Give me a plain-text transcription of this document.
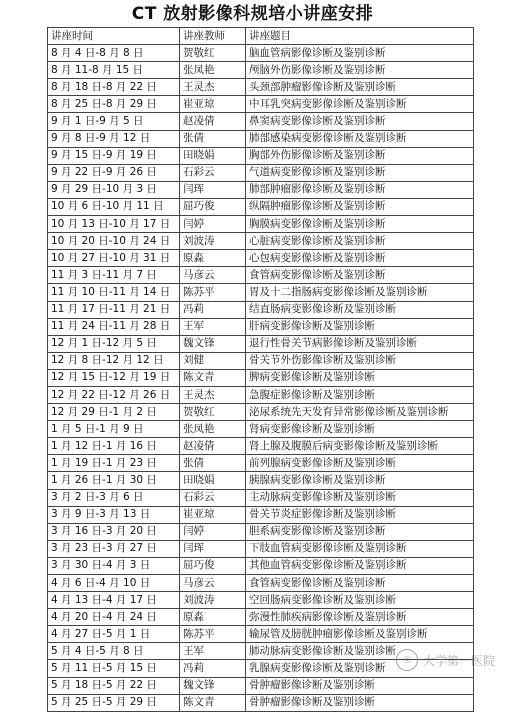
CT 放射影像科规培小讲座安排
讲座时间	讲座教师	讲座题目
8 月 4 日-8 月 8 日	贺敬红	脑血管病影像诊断及鉴别诊断
8 月 11-8 月 15 日	张凤艳	颅脑外伤影像诊断及鉴别诊断
8 月 18 日-8 月 22 日	王灵杰	头颈部肿瘤影像诊断及鉴别诊断
8 月 25 日-8 月 29 日	崔亚琼	中耳乳突病变影像诊断及鉴别诊断
9 月 1 日-9 月 5 日	赵凌倩	鼻窦病变影像诊断及鉴别诊断
9 月 8 日-9 月 12 日	张倩	肺部感染病变影像诊断及鉴别诊断
9 月 15 日-9 月 19 日	田晓娟	胸部外伤影像诊断及鉴别诊断
9 月 22 日-9 月 26 日	石彩云	气道病变影像诊断及鉴别诊断
9 月 29 日-10 月 3 日	闫珲	肺部肿瘤影像诊断及鉴别诊断
10 月 6 日-10 月 11 日	屈巧俊	纵隔肿瘤影像诊断及鉴别诊断
10 月 13 日-10 月 17 日	闫婷	胸膜病变影像诊断及鉴别诊断
10 月 20 日-10 月 24 日	刘波涛	心脏病变影像诊断及鉴别诊断
10 月 27 日-10 月 31 日	原淼	心包病变影像诊断及鉴别诊断
11 月 3 日-11 月 7 日	马彦云	食管病变影像诊断及鉴别诊断
11 月 10 日-11 月 14 日	陈苏平	胃及十二指肠病变影像诊断及鉴别诊断
11 月 17 日-11 月 21 日	冯莉	结直肠病变影像诊断及鉴别诊断
11 月 24 日-11 月 28 日	王军	肝病变影像诊断及鉴别诊断
12 月 1 日-12 月 5 日	魏文锋	退行性骨关节病影像诊断及鉴别诊断
12 月 8 日-12 月 12 日	刘健	骨关节外伤影像诊断及鉴别诊断
12 月 15 日-12 月 19 日	陈文青	脾病变影像诊断及鉴别诊断
12 月 22 日-12 月 26 日	王灵杰	急腹症影像诊断及鉴别诊断
12 月 29 日-1 月 2 日	贺敬红	泌尿系统先天发育异常影像诊断及鉴别诊断
1 月 5 日-1 月 9 日	张凤艳	肾病变影像诊断及鉴别诊断
1 月 12 日-1 月 16 日	赵凌倩	肾上腺及腹膜后病变影像诊断及鉴别诊断
1 月 19 日-1 月 23 日	张倩	前列腺病变影像诊断及鉴别诊断
1 月 26 日-1 月 30 日	田晓娟	胰腺病变影像诊断及鉴别诊断
3 月 2 日-3 月 6 日	石彩云	主动脉病变影像诊断及鉴别诊断
3 月 9 日-3 月 13 日	崔亚琼	骨关节炎症影像诊断及鉴别诊断
3 月 16 日-3 月 20 日	闫婷	胆系病变影像诊断及鉴别诊断
3 月 23 日-3 月 27 日	闫珲	下肢血管病变影像诊断及鉴别诊断
3 月 30 日-4 月 3 日	屈巧俊	其他血管病变影像诊断及鉴别诊断
4 月 6 日-4 月 10 日	马彦云	食管病变影像诊断及鉴别诊断
4 月 13 日-4 月 17 日	刘波涛	空回肠病变影像诊断及鉴别诊断
4 月 20 日-4 月 24 日	原淼	弥漫性肺疾病影像诊断及鉴别诊断
4 月 27 日-5 月 1 日	陈苏平	输尿管及膀胱肿瘤影像诊断及鉴别诊断
5 月 4 日-5 月 8 日	王军	肺动脉病变影像诊断及鉴别诊断
5 月 11 日-5 月 15 日	冯莉	乳腺病变影像诊断及鉴别诊断
5 月 18 日-5 月 22 日	魏文锋	骨肿瘤影像诊断及鉴别诊断
5 月 25 日-5 月 29 日	陈文青	骨肿瘤影像诊断及鉴别诊断
◎	大学第一医院
